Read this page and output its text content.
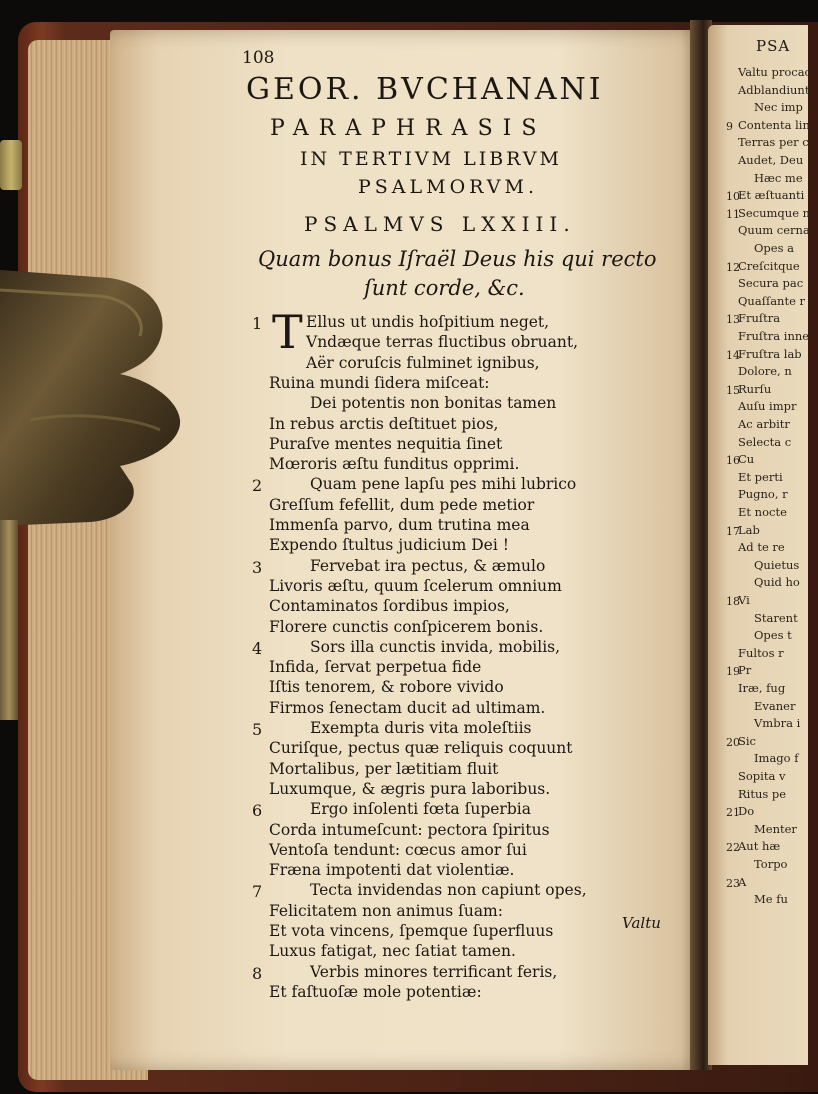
PSA
Valtu procac
Adblandiunt
Nec imp
9 Contenta lin
Terras per c
Audet, Deu
Hæc me
10
Et æſtuanti
11
Secumque m
Quum cerna
Opes a
12
Creſcitque
Secura pac
Quaſſante r
13
Fruſtra
Fruſtra inne
14
Fruſtra lab
Dolore, n
15
Rurſu
Auſu impr
Ac arbitr
Selecta c
16
Cu
Et perti
Pugno, r
Et nocte
17
Lab
Ad te re
Quietus
Quid ho
18
Vi
Starent
Opes t
Fultos r
19
Pr
Iræ, fug
Evaner
Vmbra i
20
Sic
Imago f
Sopita v
Ritus pe
21
Do
Menter
22
Aut hæ
Torpo
23
A
Me fu
108
GEOR. BVCHANANI
PARAPHRASIS
IN TERTIVM LIBRVM
PSALMORVM.
PSALMVS LXXIII.
Quam bonus Iſraël Deus his qui recto
ſunt corde, &c.
T Ellus ut undis hoſpitium neget,
1
Vndæque terras fluctibus obruant,
Aër coruſcis fulminet ignibus,
Ruina mundi ſidera miſceat:
Dei potentis non bonitas tamen
In rebus arctis deſtituet pios,
Puraſve mentes nequitia ſinet
Mœroris æſtu funditus opprimi.
Quam pene lapſu pes mihi lubrico
2
Greſſum fefellit, dum pede metior
Immenſa parvo, dum trutina mea
Expendo ſtultus judicium Dei !
Fervebat ira pectus, & æmulo
3
Livoris æſtu, quum ſcelerum omnium
Contaminatos ſordibus impios,
Florere cunctis conſpicerem bonis.
Sors illa cunctis invida, mobilis,
4
Infida, ſervat perpetua fide
Iſtis tenorem, & robore vivido
Firmos ſenectam ducit ad ultimam.
Exempta duris vita moleſtiis
5
Curiſque, pectus quæ reliquis coquunt
Mortalibus, per lætitiam fluit
Luxumque, & ægris pura laboribus.
Ergo inſolenti fœta ſuperbia
6
Corda intumeſcunt: pectora ſpiritus
Ventoſa tendunt: cœcus amor ſui
Fræna impotenti dat violentiæ.
Tecta invidendas non capiunt opes,
7
Felicitatem non animus ſuam:
Et vota vincens, ſpemque ſuperfluus
Luxus fatigat, nec ſatiat tamen.
Verbis minores terrificant feris,
8
Et faſtuoſæ mole potentiæ:
Valtu
